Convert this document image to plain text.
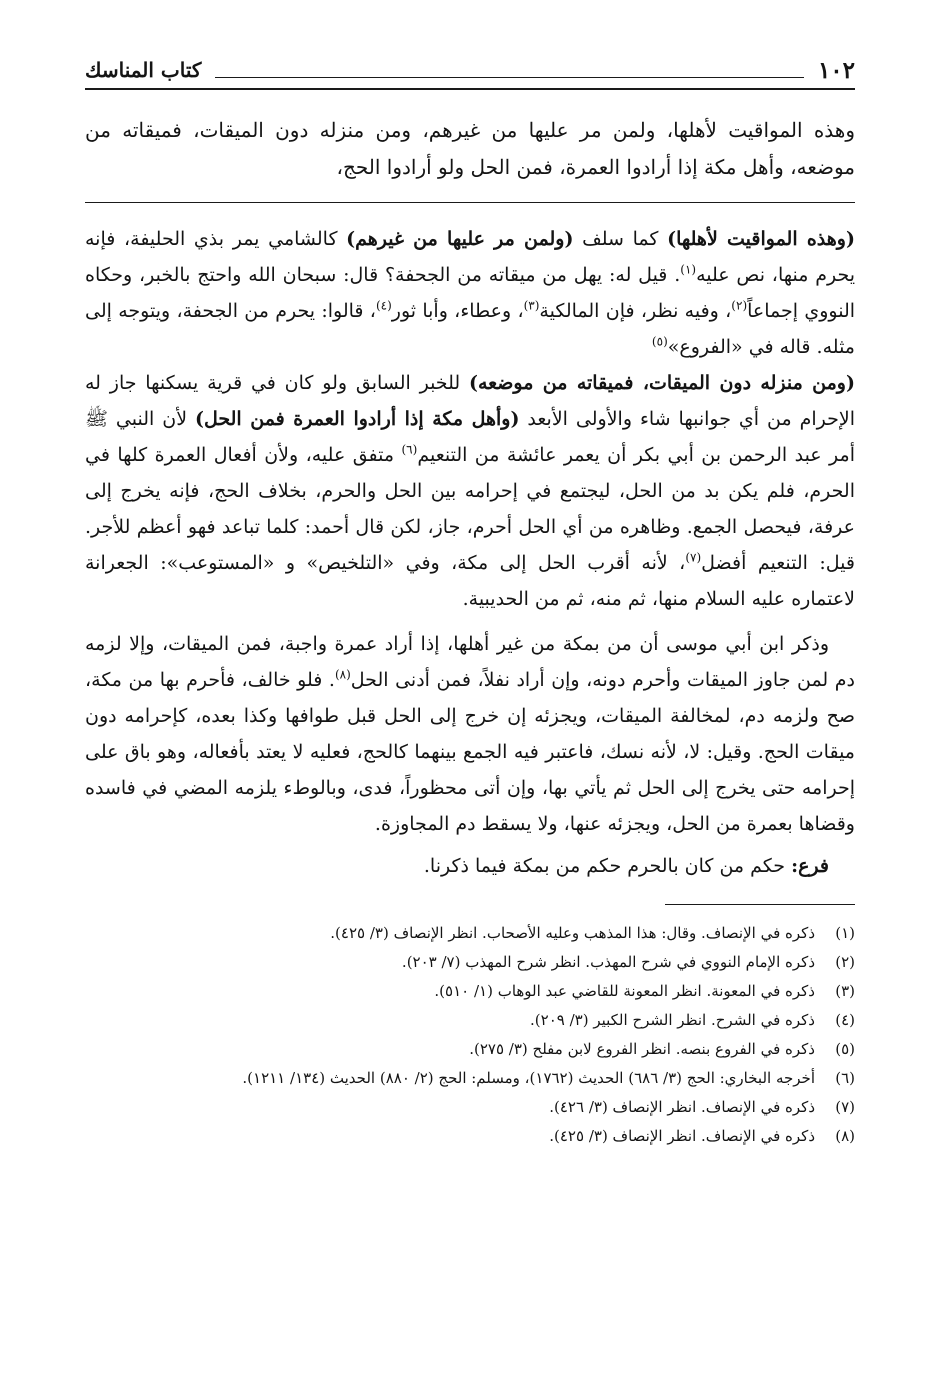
١٠٢
كتاب المناسك

وهذه المواقيت لأهلها، ولمن مر عليها من غيرهم، ومن منزله دون الميقات، فميقاته من موضعه، وأهل مكة إذا أرادوا العمرة، فمن الحل ولو أرادوا الحج،

(وهذه المواقيت لأهلها) كما سلف (ولمن مر عليها من غيرهم) كالشامي يمر بذي الحليفة، فإنه يحرم منها، نص عليه$^{(١)}$. قيل له: يهل من ميقاته من الجحفة؟ قال: سبحان الله واحتج بالخبر، وحكاه النووي إجماعاً$^{(٢)}$، وفيه نظر، فإن المالكية$^{(٣)}$، وعطاء، وأبا ثور$^{(٤)}$، قالوا: يحرم من الجحفة، ويتوجه إلى مثله. قاله في «الفروع»$^{(٥)}$
(ومن منزله دون الميقات، فميقاته من موضعه) للخبر السابق ولو كان في قرية يسكنها جاز له الإحرام من أي جوانبها شاء والأولى الأبعد (وأهل مكة إذا أرادوا العمرة فمن الحل) لأن النبي ﷺ أمر عبد الرحمن بن أبي بكر أن يعمر عائشة من التنعيم$^{(٦)}$ متفق عليه، ولأن أفعال العمرة كلها في الحرم، فلم يكن بد من الحل، ليجتمع في إحرامه بين الحل والحرم، بخلاف الحج، فإنه يخرج إلى عرفة، فيحصل الجمع. وظاهره من أي الحل أحرم، جاز، لكن قال أحمد: كلما تباعد فهو أعظم للأجر. قيل: التنعيم أفضل$^{(٧)}$، لأنه أقرب الحل إلى مكة، وفي «التلخيص» و «المستوعب»: الجعرانة لاعتماره عليه السلام منها، ثم منه، ثم من الحديبية.

وذكر ابن أبي موسى أن من بمكة من غير أهلها، إذا أراد عمرة واجبة، فمن الميقات، وإلا لزمه دم لمن جاوز الميقات وأحرم دونه، وإن أراد نفلاً، فمن أدنى الحل$^{(٨)}$. فلو خالف، فأحرم بها من مكة، صح ولزمه دم، لمخالفة الميقات، ويجزئه إن خرج إلى الحل قبل طوافها وكذا بعده، كإحرامه دون ميقات الحج. وقيل: لا، لأنه نسك، فاعتبر فيه الجمع بينهما كالحج، فعليه لا يعتد بأفعاله، وهو باق على إحرامه حتى يخرج إلى الحل ثم يأتي بها، وإن أتى محظوراً، فدى، وبالوطء يلزمه المضي في فاسده وقضاها بعمرة من الحل، ويجزئه عنها، ولا يسقط دم المجاوزة.

فرع: حكم من كان بالحرم حكم من بمكة فيما ذكرنا.

(١)
ذكره في الإنصاف. وقال: هذا المذهب وعليه الأصحاب. انظر الإنصاف (٣/ ٤٢٥).
(٢)
ذكره الإمام النووي في شرح المهذب. انظر شرح المهذب (٧/ ٢٠٣).
(٣)
ذكره في المعونة. انظر المعونة للقاضي عبد الوهاب (١/ ٥١٠).
(٤)
ذكره في الشرح. انظر الشرح الكبير (٣/ ٢٠٩).
(٥)
ذكره في الفروع بنصه. انظر الفروع لابن مفلح (٣/ ٢٧٥).
(٦)
أخرجه البخاري: الحج (٣/ ٦٨٦) الحديث (١٧٦٢)، ومسلم: الحج (٢/ ٨٨٠) الحديث (١٣٤/ ١٢١١).
(٧)
ذكره في الإنصاف. انظر الإنصاف (٣/ ٤٢٦).
(٨)
ذكره في الإنصاف. انظر الإنصاف (٣/ ٤٢٥).
